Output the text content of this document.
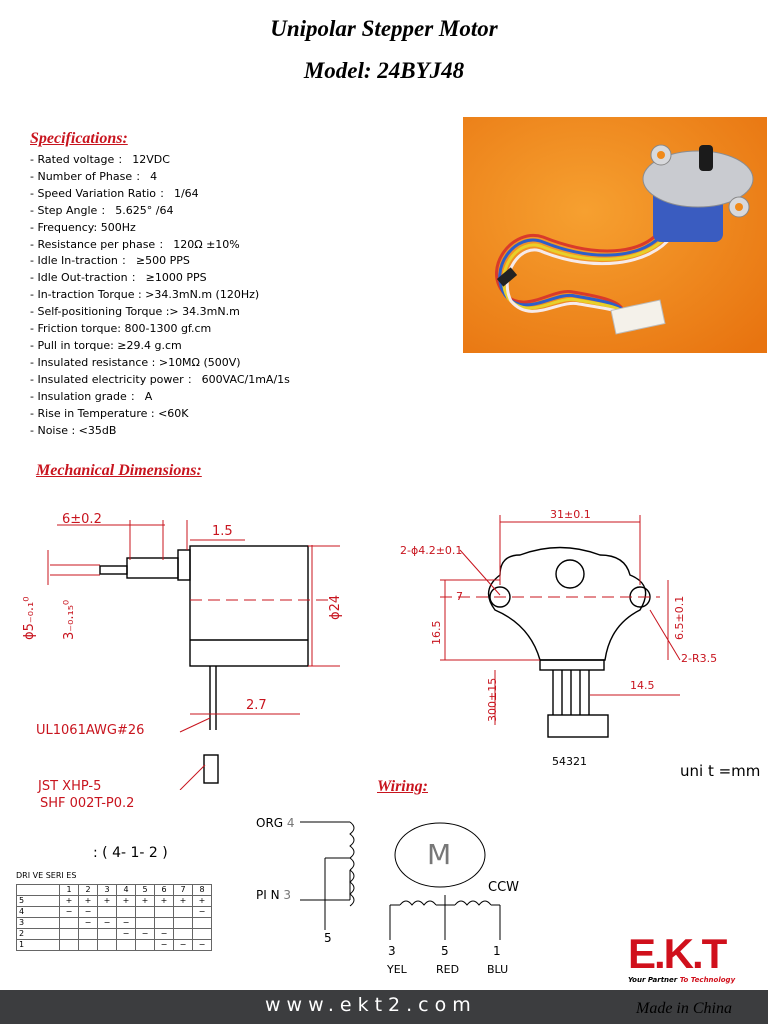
Unipolar Stepper Motor
Model: 24BYJ48
Specifications:
- Rated voltage ： 12VDC
- Number of Phase ： 4
- Speed Variation Ratio ： 1/64
- Step Angle ： 5.625° /64
- Frequency: 500Hz
- Resistance per phase ： 120Ω ±10%
- Idle In-traction ： ≥500 PPS
- Idle Out-traction ： ≥1000 PPS
- In-traction Torque : >34.3mN.m (120Hz)
- Self-positioning Torque :> 34.3mN.m
- Friction torque: 800-1300 gf.cm
- Pull in torque: ≥29.4 g.cm
- Insulated resistance : >10MΩ (500V)
- Insulated electricity power ： 600VAC/1mA/1s
- Insulation grade ： A
- Rise in Temperature : <60K
- Noise : <35dB
Mechanical Dimensions:
6±0.2
1.5
ϕ5₋₀.₁⁰ 3₋₀.₁₅⁰	ϕ24
2.7
UL1061AWG#26
JST XHP-5
SHF 002T-P0.2
31±0.1
2-ϕ4.2±0.1
7
16.5	6.5±0.1
2-R3.5
14.5
300±15
54321
uni t =mm
Wiring:
: ( 4- 1- 2 )
DRI VE SERI ES
	1	2	3	4	5	6	7	8
5	+	+	+	+	+	+	+	+
4	−	−						−
3		−	−	−				
2				−	−	−		
1						−	−	−
ORG 4
PI N 3
M
CCW
5
3	5	1
YEL	RED	BLU	E.K.T
Your Partner To Technology
www.ekt2.com	Made in China
